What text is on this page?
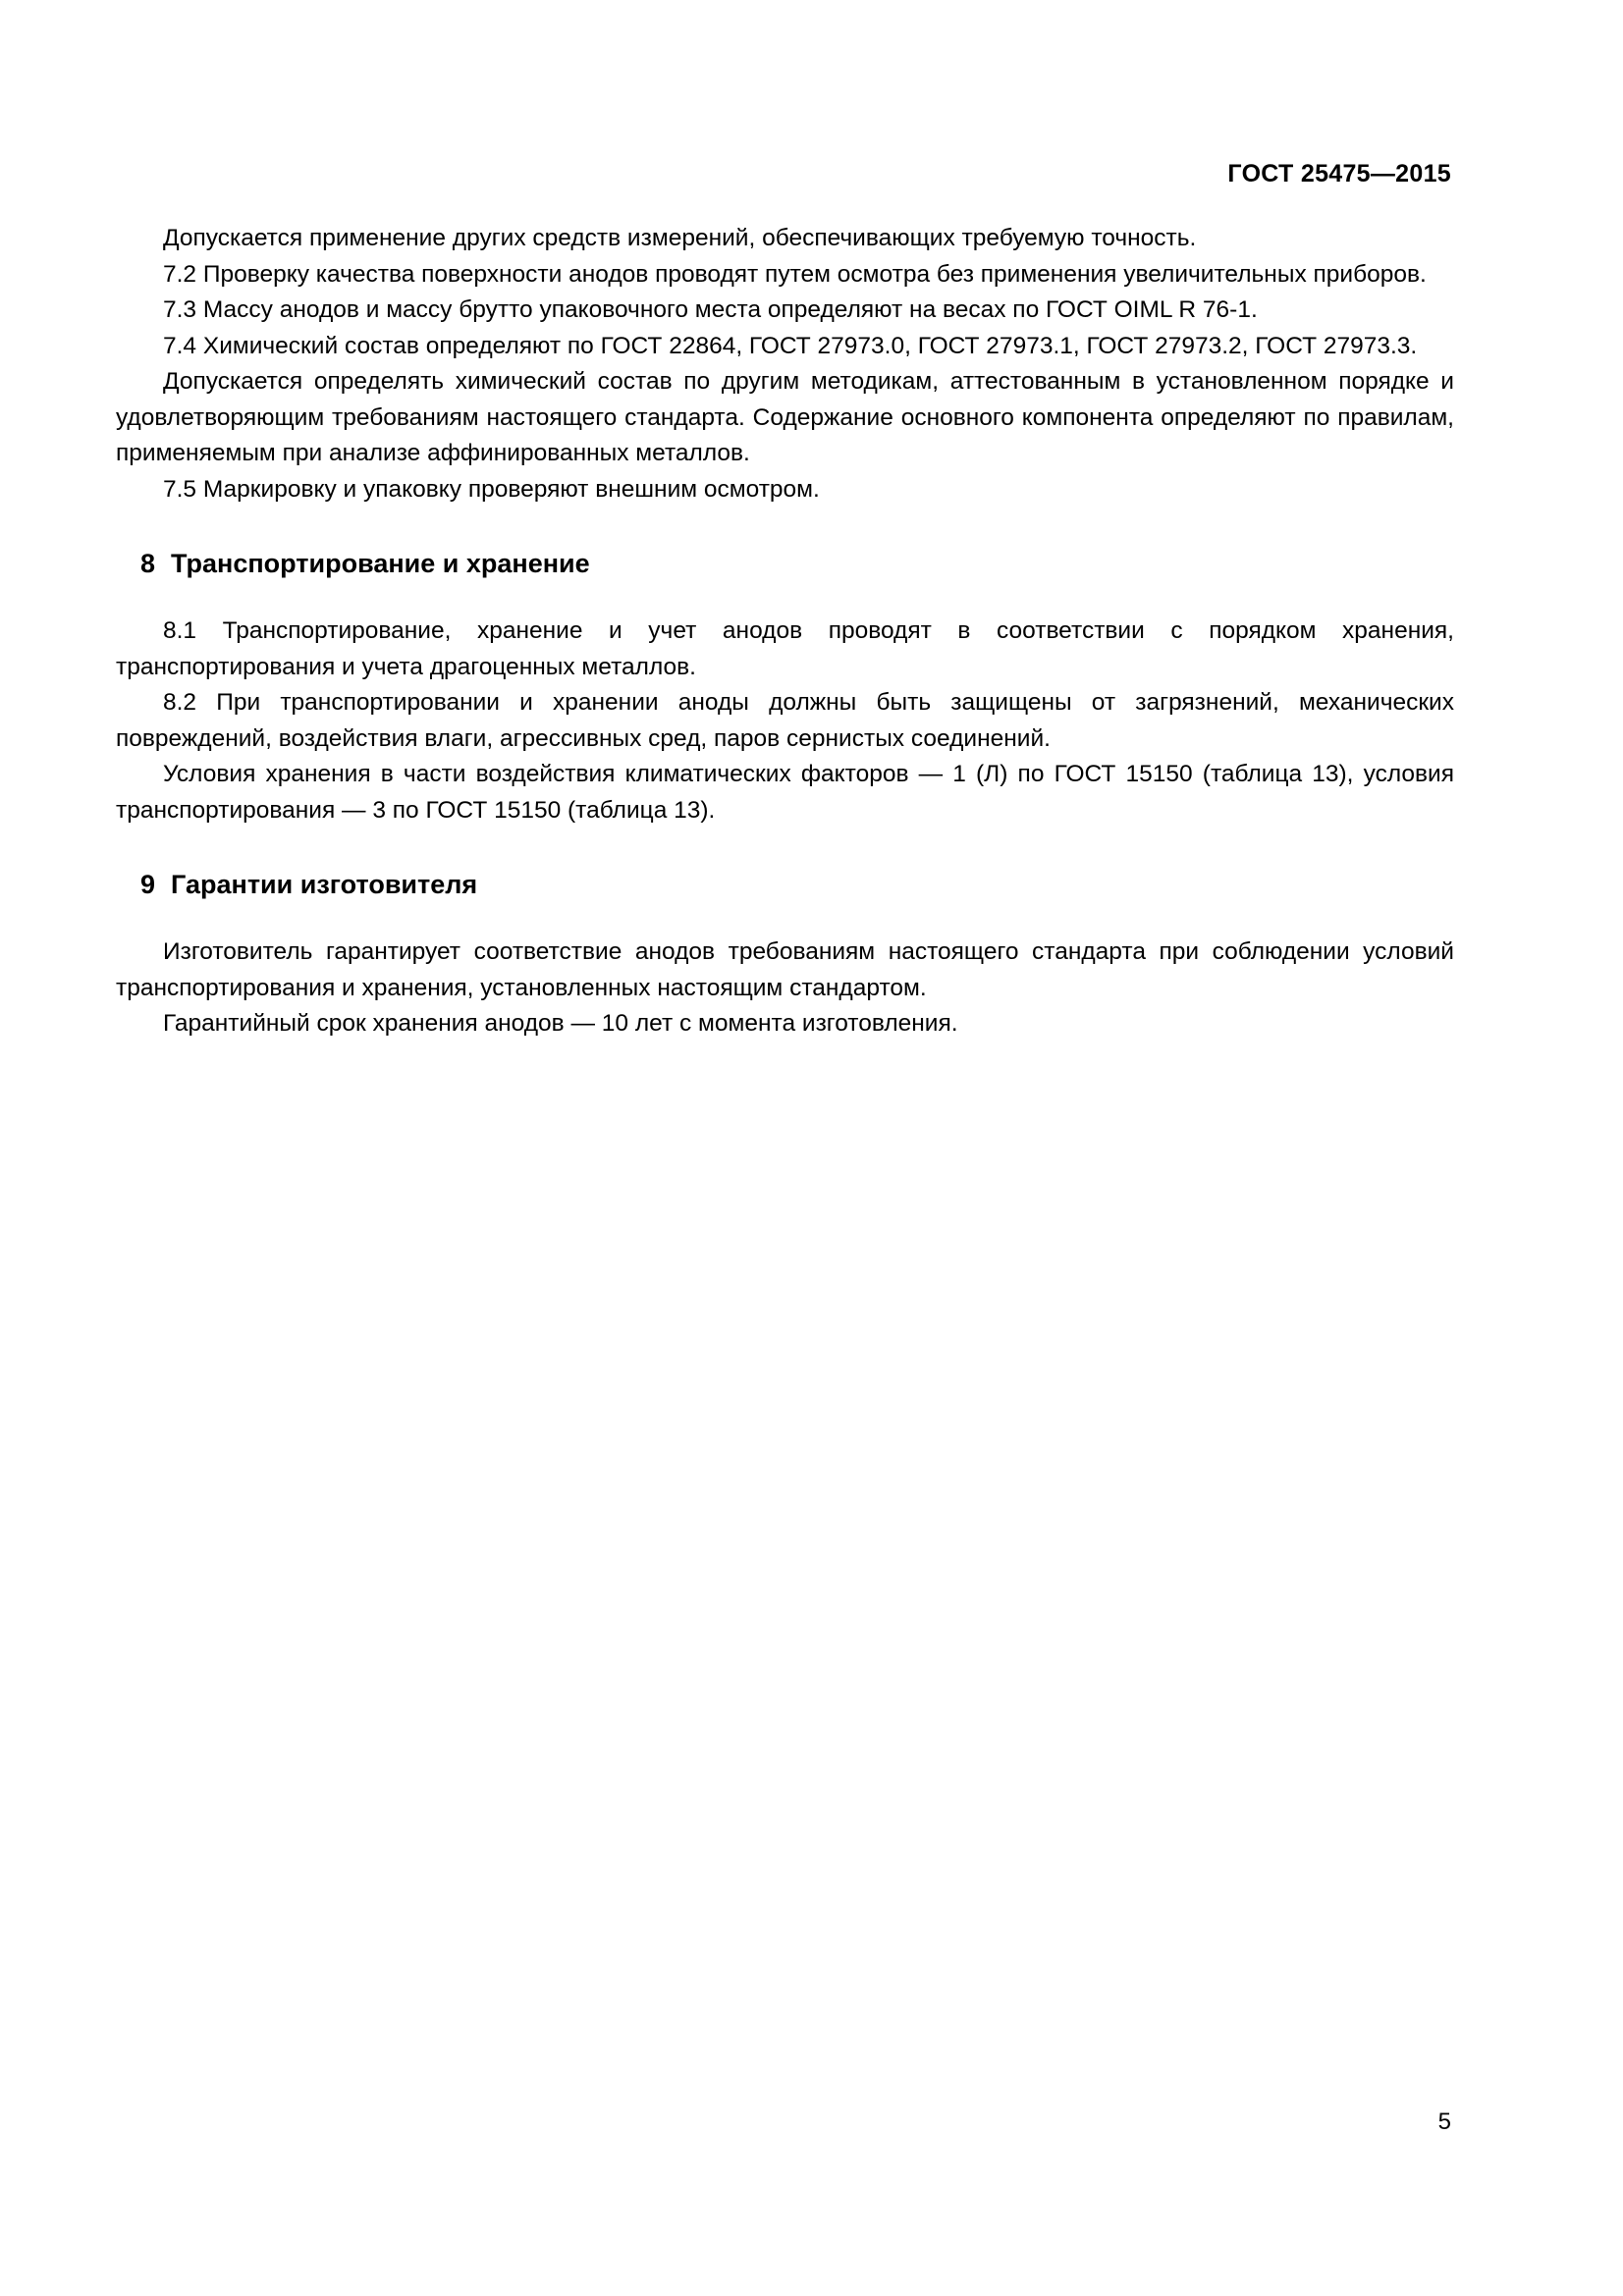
ГОСТ 25475—2015

Допускается применение других средств измерений, обеспечивающих требуемую точность.

7.2 Проверку качества поверхности анодов проводят путем осмотра без применения увеличительных приборов.

7.3 Массу анодов и массу брутто упаковочного места определяют на весах по ГОСТ OIML R 76-1.

7.4 Химический состав определяют по ГОСТ 22864, ГОСТ 27973.0, ГОСТ 27973.1, ГОСТ 27973.2, ГОСТ 27973.3.

Допускается определять химический состав по другим методикам, аттестованным в установленном порядке и удовлетворяющим требованиям настоящего стандарта. Содержание основного компонента определяют по правилам, применяемым при анализе аффинированных металлов.

7.5 Маркировку и упаковку проверяют внешним осмотром.

8 Транспортирование и хранение

8.1 Транспортирование, хранение и учет анодов проводят в соответствии с порядком хранения, транспортирования и учета драгоценных металлов.

8.2 При транспортировании и хранении аноды должны быть защищены от загрязнений, механических повреждений, воздействия влаги, агрессивных сред, паров сернистых соединений.

Условия хранения в части воздействия климатических факторов — 1 (Л) по ГОСТ 15150 (таблица 13), условия транспортирования — 3 по ГОСТ 15150 (таблица 13).

9 Гарантии изготовителя

Изготовитель гарантирует соответствие анодов требованиям настоящего стандарта при соблюдении условий транспортирования и хранения, установленных настоящим стандартом.

Гарантийный срок хранения анодов — 10 лет с момента изготовления.

5
